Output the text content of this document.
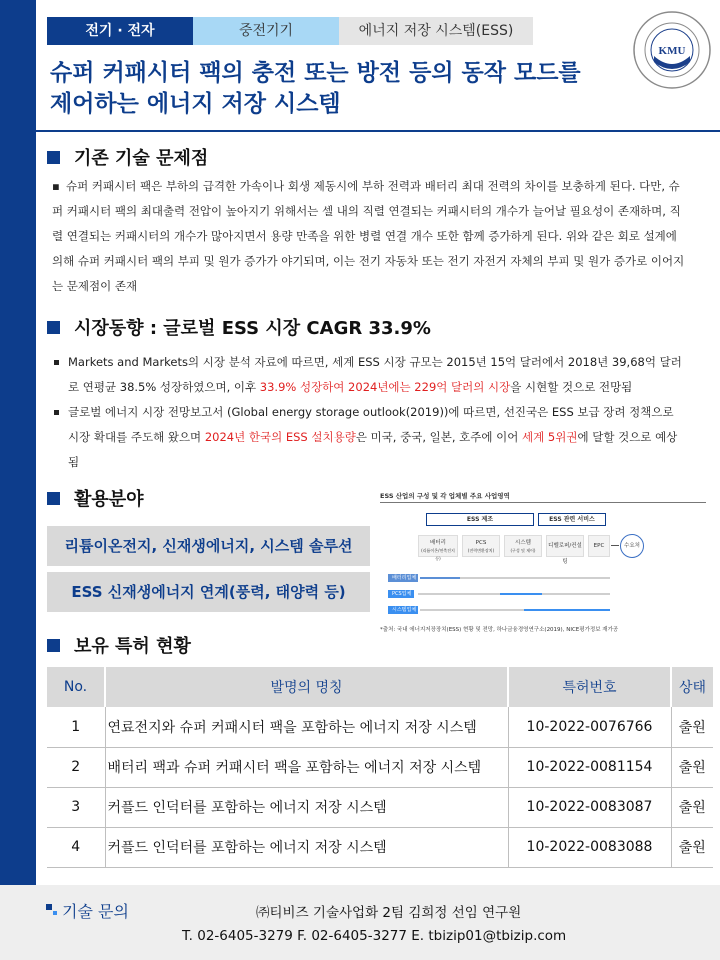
전기 · 전자	중전기기	에너지 저장 시스템(ESS)
슈퍼 커패시터 팩의 충전 또는 방전 등의 동작 모드를
제어하는 에너지 저장 시스템
KMU
기존 기술 문제점
▪ 슈퍼 커패시터 팩은 부하의 급격한 가속이나 회생 제동시에 부하 전력과 배터리 최대 전력의 차이를 보충하게 된다. 다만, 슈퍼 커패시터 팩의 최대출력 전압이 높아지기 위해서는 셀 내의 직렬 연결되는 커패시터의 개수가 늘어날 필요성이 존재하며, 직렬 연결되는 커패시터의 개수가 많아지면서 용량 만족을 위한 병렬 연결 개수 또한 함께 증가하게 된다. 위와 같은 회로 설계에 의해 슈퍼 커패시터 팩의 부피 및 원가 증가가 야기되며, 이는 전기 자동차 또는 전기 자전거 자체의 부피 및 원가 증가로 이어지는 문제점이 존재
시장동향 : 글로벌 ESS 시장 CAGR 33.9%
Markets and Markets의 시장 분석 자료에 따르면, 세계 ESS 시장 규모는 2015년 15억 달러에서 2018년 39,68억 달러로 연평균 38.5% 성장하였으며, 이후 33.9% 성장하여 2024년에는 229억 달러의 시장을 시현할 것으로 전망됨
글로벌 에너지 시장 전망보고서 (Global energy storage outlook(2019))에 따르면, 선진국은 ESS 보급 장려 정책으로 시장 확대를 주도해 왔으며 2024년 한국의 ESS 설치용량은 미국, 중국, 일본, 호주에 이어 세계 5위권에 달할 것으로 예상됨
활용분야
리튬이온전지, 신재생에너지, 시스템 솔루션
ESS 신재생에너지 연계(풍력, 태양력 등)
ESS 산업의 구성 및 각 업체별 주요 사업영역
ESS 제조	ESS 관련 서비스
배터리
(리튬이온/연축전지 등)
PCS
(전력변환장치)
시스템
(구성 및 제어)
디벨로퍼/컨설팅
EPC	수요처
배터리업체
PCS업체
시스템업체
*출처: 국내 에너지저장장치(ESS) 현황 및 전망, 하나금융경영연구소(2019), NICE평가정보 재가공
보유 특허 현황
No.	발명의 명칭	특허번호	상태
1	연료전지와 슈퍼 커패시터 팩을 포함하는 에너지 저장 시스템	10-2022-0076766	출원
2	배터리 팩과 슈퍼 커패시터 팩을 포함하는 에너지 저장 시스템	10-2022-0081154	출원
3	커플드 인덕터를 포함하는 에너지 저장 시스템	10-2022-0083087	출원
4	커플드 인덕터를 포함하는 에너지 저장 시스템	10-2022-0083088	출원
기술 문의	㈜티비즈 기술사업화 2팀 김희정 선임 연구원
T. 02-6405-3279 F. 02-6405-3277 E. tbizip01@tbizip.com
